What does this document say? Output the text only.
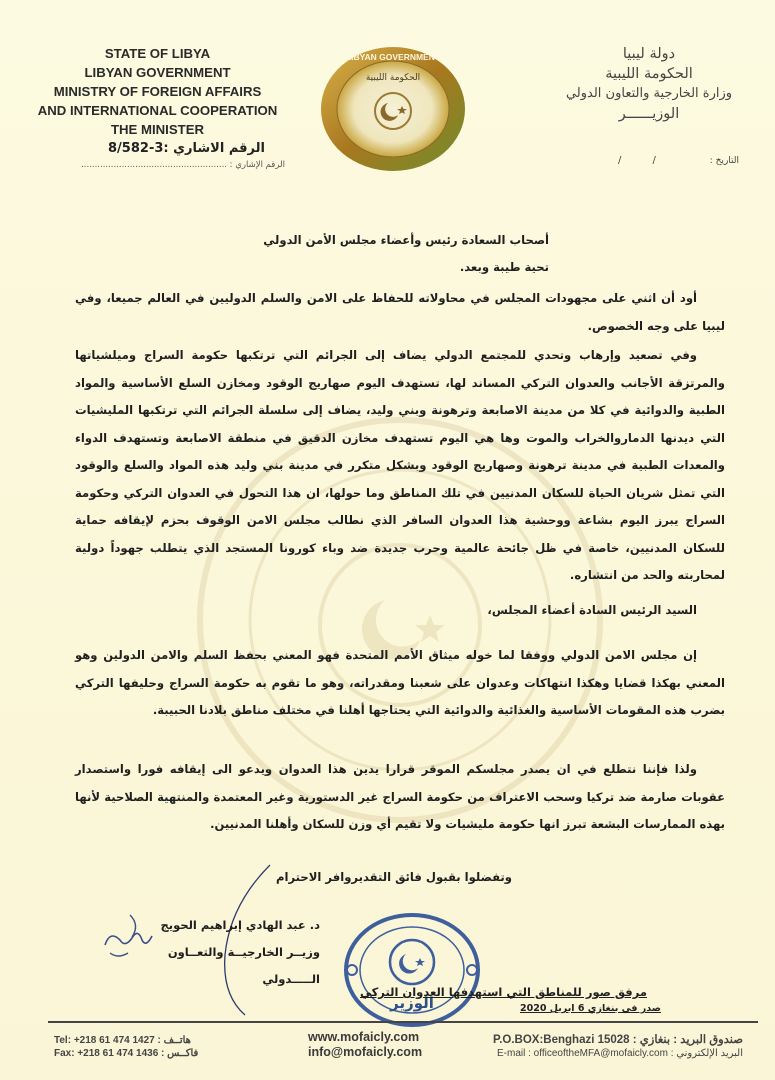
STATE OF LIBYA
LIBYAN GOVERNMENT
MINISTRY OF FOREIGN AFFAIRS
AND INTERNATIONAL COOPERATION
THE MINISTER
الرقم الاشاري :3-8/582
الرقم الإشاري : ......................................................
LIBYAN GOVERNMENT
الحكومة الليبية
دولة ليبيا
الحكومة الليبية
وزارة الخارجية والتعاون الدولي
الوزيــــــر
التاريخ :
/ /
أصحاب السعادة رئيس وأعضاء مجلس الأمن الدولي
تحية طيبة وبعد.

أود أن اثني على مجهودات المجلس في محاولاته للحفاظ على الامن والسلم الدوليين في العالم جميعا، وفي ليبيا على وجه الخصوص.

وفي تصعيد وإرهاب وتحدي للمجتمع الدولي يضاف إلى الجرائم التي ترتكبها حكومة السراج وميلشياتها والمرتزقة الأجانب والعدوان التركي المساند لها، تستهدف اليوم صهاريج الوقود ومخازن السلع الأساسية والمواد الطبية والدوائية في كلا من مدينة الاصابعة وترهونة وبني وليد، يضاف إلى سلسلة الجرائم التي ترتكبها المليشيات التي ديدنها الدماروالخراب والموت وها هي اليوم تستهدف مخازن الدقيق في منطقة الاصابعة وتستهدف الدواء والمعدات الطبية في مدينة ترهونة وصهاريج الوقود وبشكل متكرر في مدينة بني وليد هذه المواد والسلع والوقود التي تمثل شريان الحياة للسكان المدنيين في تلك المناطق وما حولها، ان هذا التحول في العدوان التركي وحكومة السراج يبرز اليوم بشاعة ووحشية هذا العدوان السافر الذي نطالب مجلس الامن الوقوف بحزم لإيقافه حماية للسكان المدنيين، خاصة في ظل جائحة عالمية وحرب جديدة ضد وباء كورونا المستجد الذي يتطلب جهوداً دولية لمحاربته والحد من انتشاره.

السيد الرئيس السادة أعضاء المجلس،

إن مجلس الامن الدولي ووفقا لما خوله ميثاق الأمم المتحدة فهو المعني بحفظ السلم والامن الدولين وهو المعني بهكذا قضايا وهكذا انتهاكات وعدوان على شعبنا ومقدراته، وهو ما تقوم به حكومة السراج وحليفها التركي بضرب هذه المقومات الأساسية والغذائية والدوائية التي يحتاجها أهلنا في مختلف مناطق بلادنا الحبيبة.

ولذا فإننا نتطلع في ان يصدر مجلسكم الموقر قرارا يدين هذا العدوان ويدعو الى إيقافه فورا واستصدار عقوبات صارمة ضد تركيا وسحب الاعتراف من حكومة السراج غير الدستورية وغير المعتمدة والمنتهية الصلاحية لأنها بهذه الممارسات البشعة تبرز انها حكومة مليشيات ولا تقيم أي وزن للسكان وأهلنا المدنيين.

وتفضلوا بقبول فائق التقديروافر الاحترام
د. عبد الهادي إبراهيم الحويج
وزيــر الخارجيــة والتعــاون الـــــدولي
الوزير
مرفق صور للمناطق التي استهدفها العدوان التركي
صدر في بنغازي 6 ابريل 2020
Tel: +218 61 474 1427 : هاتــف
Fax: +218 61 474 1436 : فاكــس
www.mofaicly.com
info@mofaicly.com
صندوق البريد : بنغازي : P.O.BOX:Benghazi 15028
البريد الإلكتروني : E-mail : officeoftheMFA@mofaicly.com
